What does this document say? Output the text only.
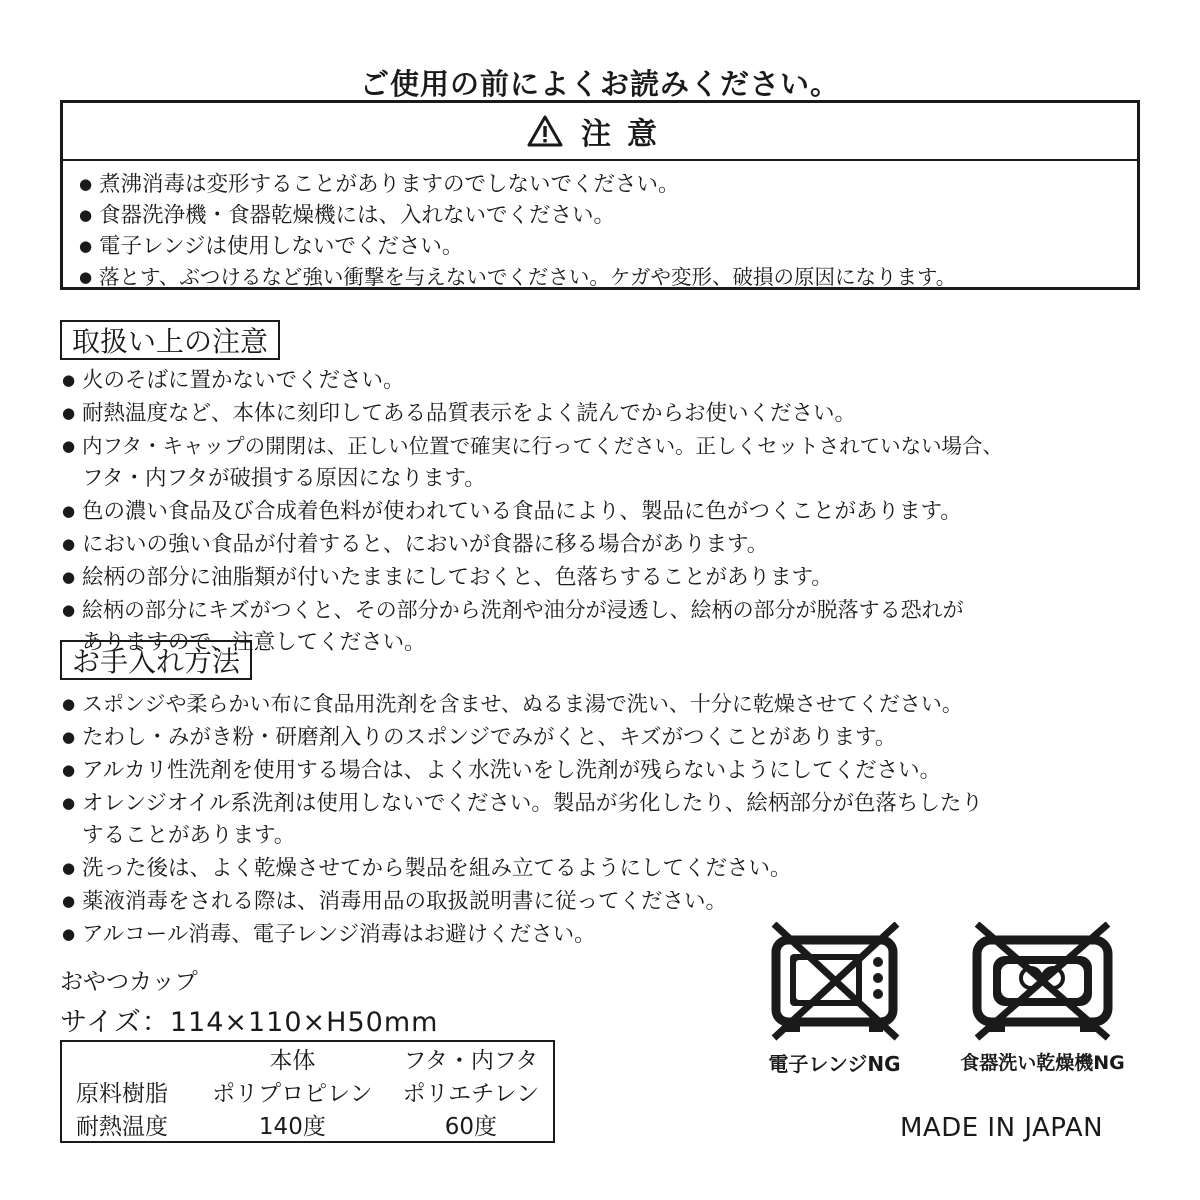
ご使用の前によくお読みください。
注意
● 煮沸消毒は変形することがありますのでしないでください。
● 食器洗浄機・食器乾燥機には、入れないでください。
● 電子レンジは使用しないでください。
● 落とす、ぶつけるなど強い衝撃を与えないでください。ケガや変形、破損の原因になります。
取扱い上の注意
● 火のそばに置かないでください。
● 耐熱温度など、本体に刻印してある品質表示をよく読んでからお使いください。
● 内フタ・キャップの開閉は、正しい位置で確実に行ってください。正しくセットされていない場合、
フタ・内フタが破損する原因になります。
● 色の濃い食品及び合成着色料が使われている食品により、製品に色がつくことがあります。
● においの強い食品が付着すると、においが食器に移る場合があります。
● 絵柄の部分に油脂類が付いたままにしておくと、色落ちすることがあります。
● 絵柄の部分にキズがつくと、その部分から洗剤や油分が浸透し、絵柄の部分が脱落する恐れが
ありますので、注意してください。
お手入れ方法
● スポンジや柔らかい布に食品用洗剤を含ませ、ぬるま湯で洗い、十分に乾燥させてください。
● たわし・みがき粉・研磨剤入りのスポンジでみがくと、キズがつくことがあります。
● アルカリ性洗剤を使用する場合は、よく水洗いをし洗剤が残らないようにしてください。
● オレンジオイル系洗剤は使用しないでください。製品が劣化したり、絵柄部分が色落ちしたり
することがあります。
● 洗った後は、よく乾燥させてから製品を組み立てるようにしてください。
● 薬液消毒をされる際は、消毒用品の取扱説明書に従ってください。
● アルコール消毒、電子レンジ消毒はお避けください。
おやつカップ
サイズ：114×110×H50mm
	本体	フタ・内フタ
原料樹脂	ポリプロピレン	ポリエチレン
耐熱温度	140度	60度
電子レンジNG	食器洗い乾燥機NG
MADE IN JAPAN
